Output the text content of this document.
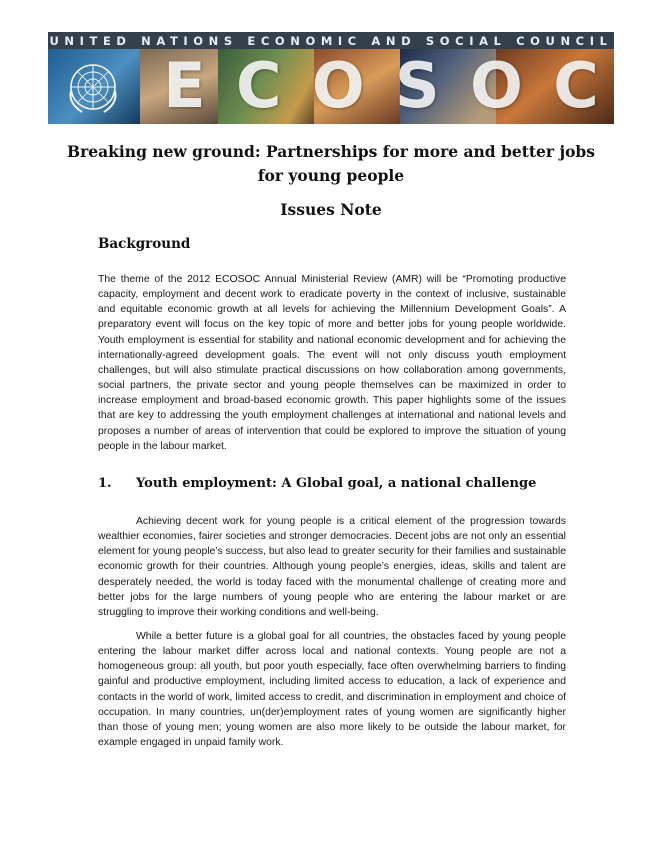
UNITED NATIONS ECONOMIC AND SOCIAL COUNCIL
E C O S O C
Breaking new ground: Partnerships for more and better jobs for young people
Issues Note
Background

The theme of the 2012 ECOSOC Annual Ministerial Review (AMR) will be “Promoting productive capacity, employment and decent work to eradicate poverty in the context of inclusive, sustainable and equitable economic growth at all levels for achieving the Millennium Development Goals”. A preparatory event will focus on the key topic of more and better jobs for young people worldwide. Youth employment is essential for stability and national economic development and for achieving the internationally-agreed development goals. The event will not only discuss youth employment challenges, but will also stimulate practical discussions on how collaboration among governments, social partners, the private sector and young people themselves can be maximized in order to increase employment and broad-based economic growth. This paper highlights some of the issues that are key to addressing the youth employment challenges at international and national levels and proposes a number of areas of intervention that could be explored to improve the situation of young people in the labour market.

1. Youth employment: A Global goal, a national challenge

Achieving decent work for young people is a critical element of the progression towards wealthier economies, fairer societies and stronger democracies. Decent jobs are not only an essential element for young people’s success, but also lead to greater security for their families and sustainable economic growth for their countries. Although young people’s energies, ideas, skills and talent are desperately needed, the world is today faced with the monumental challenge of creating more and better jobs for the large numbers of young people who are entering the labour market or are struggling to improve their working conditions and well-being.

While a better future is a global goal for all countries, the obstacles faced by young people entering the labour market differ across local and national contexts. Young people are not a homogeneous group: all youth, but poor youth especially, face often overwhelming barriers to finding gainful and productive employment, including limited access to education, a lack of experience and contacts in the world of work, limited access to credit, and discrimination in employment and choice of occupation. In many countries, un(der)employment rates of young women are significantly higher than those of young men; young women are also more likely to be outside the labour market, for example engaged in unpaid family work.
